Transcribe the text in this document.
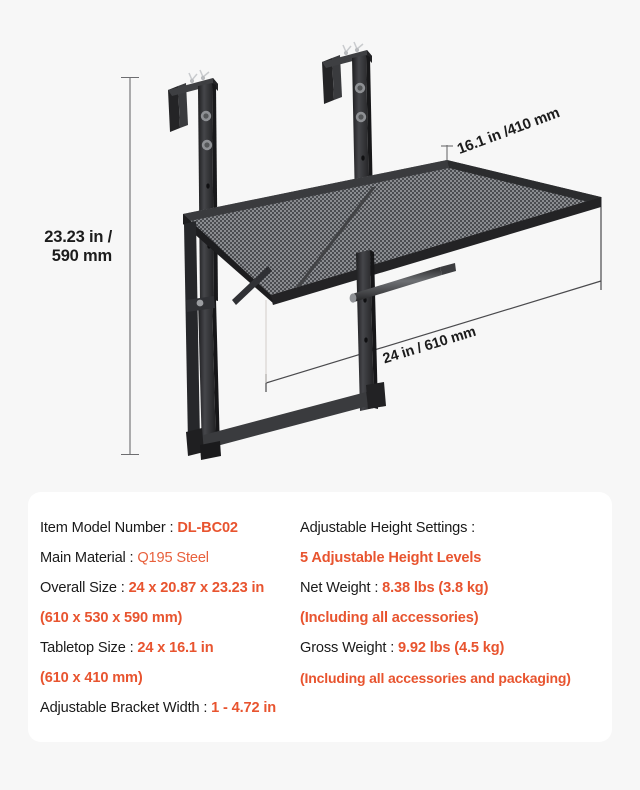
23.23 in /
590 mm
16.1 in /410 mm
24 in / 610 mm
Item Model Number : DL-BC02
Main Material : Q195 Steel
Overall Size : 24 x 20.87 x 23.23 in
(610 x 530 x 590 mm)
Tabletop Size : 24 x 16.1 in
(610 x 410 mm)
Adjustable Bracket Width : 1 - 4.72 in
Adjustable Height Settings :
5 Adjustable Height Levels
Net Weight : 8.38 lbs (3.8 kg)
(Including all accessories)
Gross Weight : 9.92 lbs (4.5 kg)
(Including all accessories and packaging)
